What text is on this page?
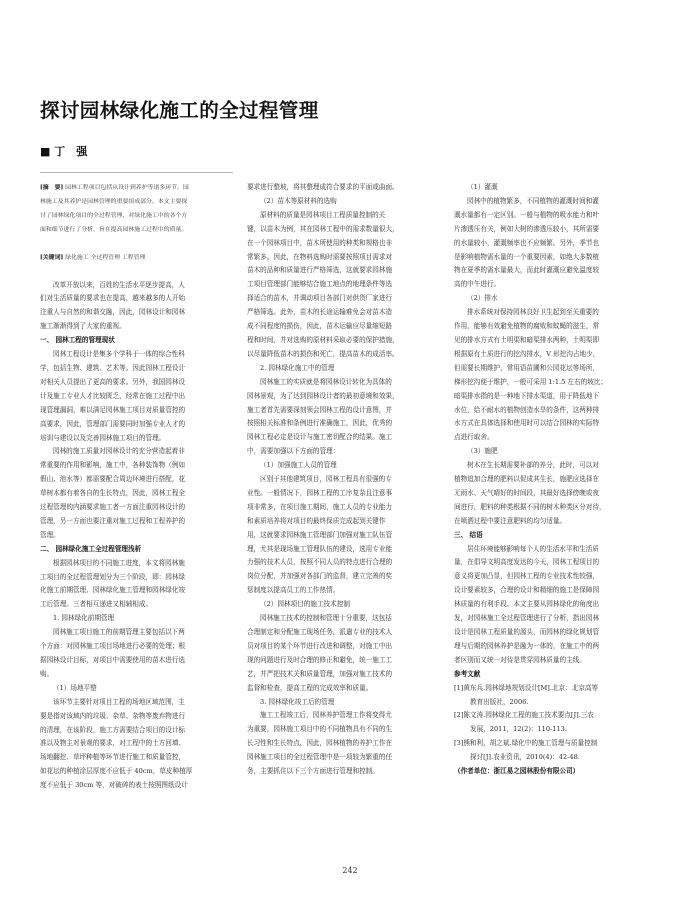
探讨园林绿化施工的全过程管理
■ 丁　强
[摘　要] 园林工程项目包括从设计到养护等诸多环节，园
林施工及其养护是园林管理的重要组成部分。本文主要探
讨了园林绿化项目的全过程管理，对绿化施工中的各个方
面和细节进行了分析，旨在提高园林施工过程中的质量。
[关键词] 绿化施工 全过程管理 工程管理
改革开放以来，百姓的生活水平逐步提高，人
们对生活质量的要求也在提高，越来越多的人开始
注重人与自然的和谐交融，因此，园林设计和园林
施工渐渐得到了大家的重视。
一、 园林工程的管理现状
园林工程设计是集多个学科于一体的综合性科
学，包括生物、建筑、艺术等。因此园林工程设计
对相关人员提出了更高的要求。另外，我国园林设
计及施工专业人才比较匮乏，经常在施工过程中出
现管理漏洞，难以满足园林施工项目对质量管控的
高要求，因此，管理部门需要同时加强专业人才的
培训与建设以及完善园林施工项目的管理。
园林的施工质量对园林设计的充分营造起着非
常重要的作用和影响，施工中，各种装饰物（例如
假山、池水等）都需要配合周边环境进行搭配，花
草树木都有着各自的生长特点，因此，园林工程全
过程管理的内涵要求施工者一方面注重园林设计的
管理，另一方面也要注重对施工过程和工程养护的
管理。
二、 园林绿化施工全过程管理浅析
根据园林项目的不同施工进度，本文将园林施
工项目的全过程管理划分为三个阶段，即：园林绿
化施工前期管理、园林绿化施工管理和园林绿化竣
工后管理。三者相互递进又相辅相成。
1. 园林绿化前期管理
园林施工项目施工的前期管理主要包括以下两
个方面：对园林施工项目场地进行必要的处理；根
据园林设计目标，对项目中需要使用的苗木进行选
购。
（1）场地平整
该环节主要针对项目工程的场地区域范围，主
要是指对该域内的垃圾、杂草、杂物等废弃物进行
的清理，在该阶段，施工方需要结合项目的设计标
准以及物主对景观的要求，对工程中的土方回填、
场地翻挖、草坪种植等环节进行施工和质量管控，
如花坛的种植涂层厚度不应低于 40cm，草皮种植厚
度不应低于 30cm 等，对破碎的表土按照图纸设计
要求进行整坡，将其整理成符合要求的平面或曲面。
（2）苗木等原材料的选购
原材料的质量是园林项目工程质量控制的关
键，以苗木为例，其在园林工程中的需求数量很大，
在一个园林项目中，苗木所使用的种类和规格也非
常繁多。因此，在物料选购时需要按照项目需求对
苗木的品种和质量进行严格筛选，这就要求园林施
工项目管理部门能够结合施工地点的地理条件等选
择适合的苗木，并调动项目各部门对供货厂家进行
严格筛选。此外，苗木的长途运输难免会对苗木造
成不同程度的损伤，因此，苗木运输应尽量缩短路
程和时间，并对选购的原材料采取必要的保护措施，
以尽量降低苗木的损伤和死亡，提高苗木的成活率。
2. 园林绿化施工中的管理
园林施工的实质就是将园林设计转化为具体的
园林景观，为了达到园林设计者的最初意境和效果，
施工者首先需要深刻领会园林工程的设计意图，并
按照相关标准和条例进行准确施工，因此，优秀的
园林工程必定是设计与施工密切配合的结果。施工
中，需要加强以下方面的管理：
（1）加强施工人员的管理
区别于其他建筑项目，园林工程具有很强的专
业性。一般情况下，园林工程的工序复杂且注意事
项非常多，在项目施工期间，施工人员的专业能力
和素质培养将对项目的最终保质完成起到关键作
用，这就要求园林施工管理部门加强对施工队伍管
理，尤其是现场施工管理队伍的建设，选用专业能
力强的技术人员，按照不同人员的特点进行合理的
岗位分配，并加强对各部门的监督，建立完善的奖
惩制度以提高员工的工作热情。
（2）园林项目的施工技术控制
园林施工技术的控制和管理十分重要，这包括
合理制定和分配施工现场任务，派遣专业的技术人
员对项目的某个环节进行改进和调整，对施工中出
现的问题进行及时合理的修正和避免，统一施工工
艺，并严把技术关和质量管理，加强对施工技术的
监督和检查，提高工程的完成效率和质量。
3. 园林绿化竣工后的管理
施工工程竣工后，园林养护管理工作将变得尤
为重要，园林施工项目中的不同植物具有不同的生
长习性和生长特点，因此，园林植物的养护工作在
园林施工项目的全过程管理中是一项较为繁重的任
务，主要抓住以下三个方面进行管理和控制。
（1）灌溉
园林中的植物繁多，不同植物的灌溉时间和灌
溉水量都有一定区别。一般与植物的吸水能力和叶
片渗透压有关，例如大树的渗透压较小，其所需要
的水量较小，灌溉频率也不应频繁。另外，季节也
是影响植物需水量的一个重要因素，如绝大多数植
物在夏季的需水量最大，而此时灌溉应避免温度较
高的中午进行。
（2）排水
排水系统对保持园林良好卫生起到至关重要的
作用，能够有效避免植物的腐败和蚊蝇的滋生，常
见的排水方式有土明渠和暗渠排水两种，土明渠即
根据原有土质进行的挖沟排水，V 形挖沟占地少，
但需要长期维护，常用语苗圃和公园花坛等场所，
梯形挖沟便于维护，一般可采用 1:1.5 左右的坡比；
暗渠排水指的是一种地下排水渠道，用于降低地下
水位，给不耐水的植物创造水旱的条件，这两种排
水方式在具体选择和使用时可以结合园林的实际特
点进行取舍。
（3）施肥
树木在生长期需要补部的养分，此时，可以对
植物追加合理的肥料以促成其生长，施肥应选择在
无雨水、天气晴好的时间段，其最好选择傍晚或夜
间进行，肥料的种类根据不同的树木种类区分对待，
在喷洒过程中要注意肥料的均匀适量。
三、 结语
居住环境能够影响每个人的生活水平和生活质
量，在倡导文明高度发达的今天，园林工程项目的
意义将更加凸显，但园林工程的专业技术性较强，
设计要素较多，合理的设计和精细的施工是保障园
林质量的有利手段。本文主要从园林绿化的角度出
发，对园林施工全过程管理进行了分析，指出园林
设计是园林工程质量的源头，而园林的绿化规划管
理与后期的园林养护是融为一体的，在施工中的两
者区别而又统一对待是贯穿园林质量的主线。
参考文献
[1]黄东兵.园林绿地规划设计[M].北京：北京高等
教育出版社，2006.
[2]陈文涛.园林绿化工程的施工技术要点[J].三农
发展，2011，12(2)：110-113.
[3]熊和利，胡之斌.绿化中的施工管理与质量控制
探讨[J].农业资讯，2010(4)：42-48.
（作者单位：浙江易之园林股份有限公司）
242
